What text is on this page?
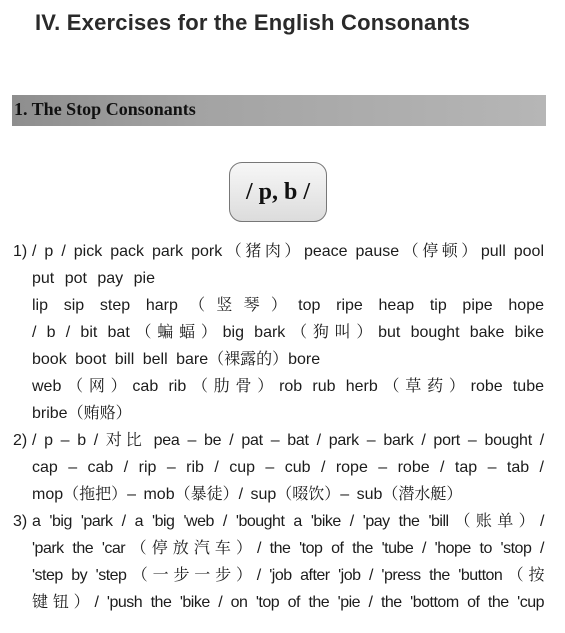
IV. Exercises for the English Consonants
1. The Stop Consonants
/ p, b /
1) / p / pick pack park pork（猪肉）peace pause（停顿）pull pool
put pot pay pie
lip sip step harp（竖琴）top ripe heap tip pipe hope
/ b / bit bat（蝙蝠）big bark（狗叫）but bought bake bike
book boot bill bell bare（裸露的）bore
web（网）cab rib（肋骨）rob rub herb（草药）robe tube
bribe（贿赂）
2) / p – b / 对比 pea – be / pat – bat / park – bark / port – bought /
cap – cab / rip – rib / cup – cub / rope – robe / tap – tab /
mop（拖把）– mob（暴徒）/ sup（啜饮）– sub（潜水艇）
3) a 'big 'park / a 'big 'web / 'bought a 'bike / 'pay the 'bill（账单）/
'park the 'car（停放汽车）/ the 'top of the 'tube / 'hope to 'stop /
'step by 'step（一步一步）/ 'job after 'job / 'press the 'button（按
键钮）/ 'push the 'bike / on 'top of the 'pie / the 'bottom of the 'cup
